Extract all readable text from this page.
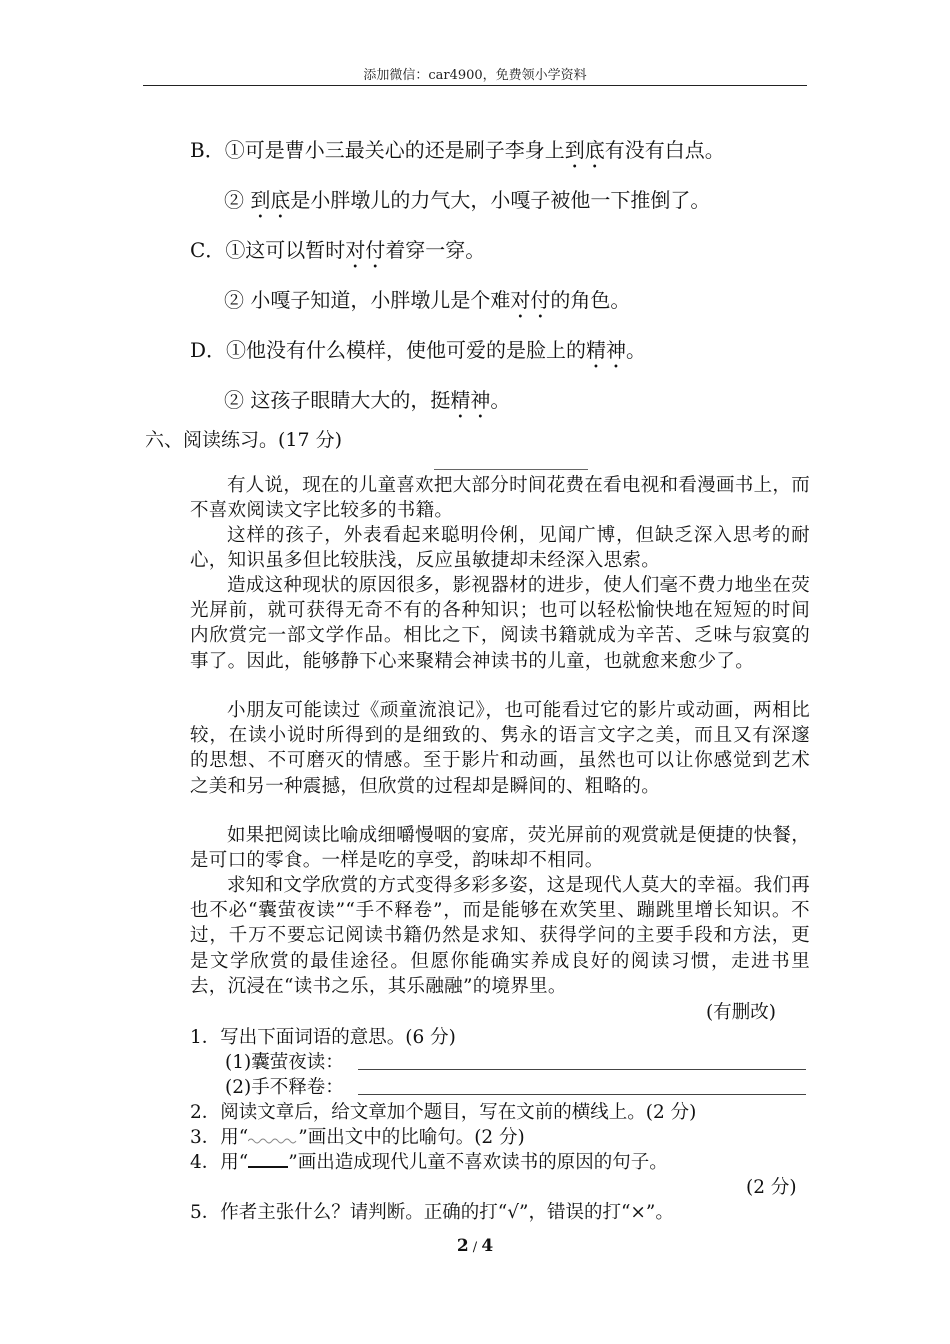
添加微信：car4900，免费领小学资料
B．①可是曹小三最关心的还是刷子李身上到底有没有白点。
② 到底是小胖墩儿的力气大，小嘎子被他一下推倒了。
C．①这可以暂时对付着穿一穿。
② 小嘎子知道，小胖墩儿是个难对付的角色。
D．①他没有什么模样，使他可爱的是脸上的精神。
② 这孩子眼睛大大的，挺精神。
六、阅读练习。(17 分)
有人说，现在的儿童喜欢把大部分时间花费在看电视和看漫画书上，而不喜欢阅读文字比较多的书籍。
这样的孩子，外表看起来聪明伶俐，见闻广博，但缺乏深入思考的耐心，知识虽多但比较肤浅，反应虽敏捷却未经深入思索。
造成这种现状的原因很多，影视器材的进步，使人们毫不费力地坐在荧光屏前，就可获得无奇不有的各种知识；也可以轻松愉快地在短短的时间内欣赏完一部文学作品。相比之下，阅读书籍就成为辛苦、乏味与寂寞的事了。因此，能够静下心来聚精会神读书的儿童，也就愈来愈少了。
小朋友可能读过《顽童流浪记》，也可能看过它的影片或动画，两相比较，在读小说时所得到的是细致的、隽永的语言文字之美，而且又有深邃的思想、不可磨灭的情感。至于影片和动画，虽然也可以让你感觉到艺术之美和另一种震撼，但欣赏的过程却是瞬间的、粗略的。
如果把阅读比喻成细嚼慢咽的宴席，荧光屏前的观赏就是便捷的快餐，是可口的零食。一样是吃的享受，韵味却不相同。
求知和文学欣赏的方式变得多彩多姿，这是现代人莫大的幸福。我们再也不必“囊萤夜读”“手不释卷”，而是能够在欢笑里、蹦跳里增长知识。不过，千万不要忘记阅读书籍仍然是求知、获得学问的主要手段和方法，更是文学欣赏的最佳途径。但愿你能确实养成良好的阅读习惯，走进书里去，沉浸在“读书之乐，其乐融融”的境界里。
(有删改)
1．写出下面词语的意思。(6 分)
(1)囊萤夜读：
(2)手不释卷：
2．阅读文章后，给文章加个题目，写在文前的横线上。(2 分)
3．用“	”画出文中的比喻句。(2 分)
4．用“ ”画出造成现代儿童不喜欢读书的原因的句子。
(2 分)
5．作者主张什么？请判断。正确的打“√”，错误的打“×”。
2 / 4
